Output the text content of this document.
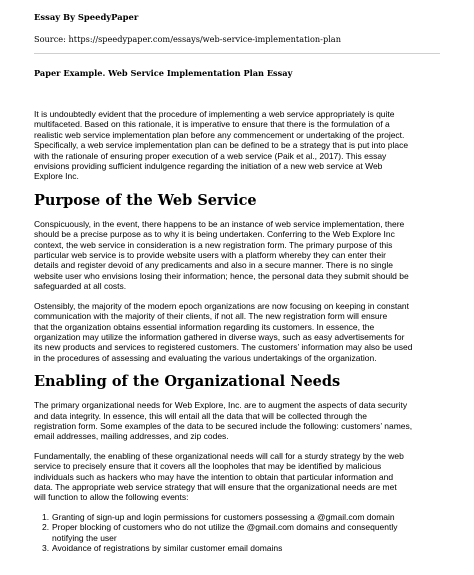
Essay By SpeedyPaper

Source: https://speedypaper.com/essays/web-service-implementation-plan

Paper Example. Web Service Implementation Plan Essay

It is undoubtedly evident that the procedure of implementing a web service appropriately is quite
multifaceted. Based on this rationale, it is imperative to ensure that there is the formulation of a
realistic web service implementation plan before any commencement or undertaking of the project.
Specifically, a web service implementation plan can be defined to be a strategy that is put into place
with the rationale of ensuring proper execution of a web service (Paik et al., 2017). This essay
envisions providing sufficient indulgence regarding the initiation of a new web service at Web
Explore Inc.

Purpose of the Web Service

Conspicuously, in the event, there happens to be an instance of web service implementation, there
should be a precise purpose as to why it is being undertaken. Conferring to the Web Explore Inc
context, the web service in consideration is a new registration form. The primary purpose of this
particular web service is to provide website users with a platform whereby they can enter their
details and register devoid of any predicaments and also in a secure manner. There is no single
website user who envisions losing their information; hence, the personal data they submit should be
safeguarded at all costs.

Ostensibly, the majority of the modern epoch organizations are now focusing on keeping in constant
communication with the majority of their clients, if not all. The new registration form will ensure
that the organization obtains essential information regarding its customers. In essence, the
organization may utilize the information gathered in diverse ways, such as easy advertisements for
its new products and services to registered customers. The customers’ information may also be used
in the procedures of assessing and evaluating the various undertakings of the organization.

Enabling of the Organizational Needs

The primary organizational needs for Web Explore, Inc. are to augment the aspects of data security
and data integrity. In essence, this will entail all the data that will be collected through the
registration form. Some examples of the data to be secured include the following: customers’ names,
email addresses, mailing addresses, and zip codes.

Fundamentally, the enabling of these organizational needs will call for a sturdy strategy by the web
service to precisely ensure that it covers all the loopholes that may be identified by malicious
individuals such as hackers who may have the intention to obtain that particular information and
data. The appropriate web service strategy that will ensure that the organizational needs are met
will function to allow the following events:

1. Granting of sign-up and login permissions for customers possessing a @gmail.com domain
2. Proper blocking of customers who do not utilize the @gmail.com domains and consequently
notifying the user
3. Avoidance of registrations by similar customer email domains
